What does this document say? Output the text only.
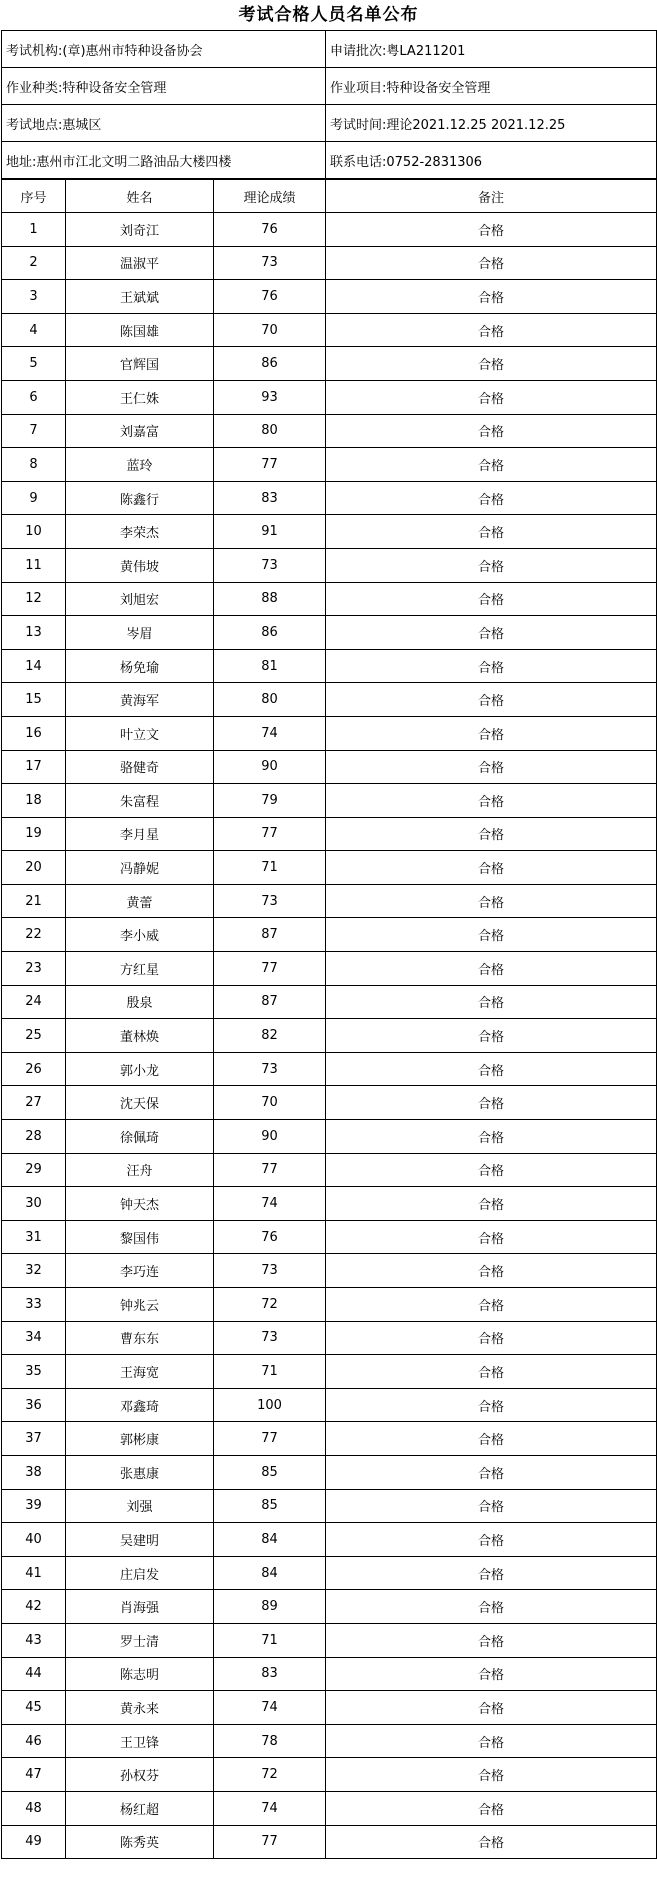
考试合格人员名单公布
考试机构:(章)惠州市特种设备协会	申请批次:粤LA211201
作业种类:特种设备安全管理	作业项目:特种设备安全管理
考试地点:惠城区	考试时间:理论2021.12.25 2021.12.25
地址:惠州市江北文明二路油品大楼四楼	联系电话:0752-2831306
序号	姓名	理论成绩	备注
1	刘奇江	76	合格
2	温淑平	73	合格
3	王斌斌	76	合格
4	陈国雄	70	合格
5	官辉国	86	合格
6	王仁姝	93	合格
7	刘嘉富	80	合格
8	蓝玲	77	合格
9	陈鑫行	83	合格
10	李荣杰	91	合格
11	黄伟坡	73	合格
12	刘旭宏	88	合格
13	岑眉	86	合格
14	杨免瑜	81	合格
15	黄海军	80	合格
16	叶立文	74	合格
17	骆健奇	90	合格
18	朱富程	79	合格
19	李月星	77	合格
20	冯静妮	71	合格
21	黄蕾	73	合格
22	李小威	87	合格
23	方红星	77	合格
24	殷泉	87	合格
25	董林焕	82	合格
26	郭小龙	73	合格
27	沈天保	70	合格
28	徐佩琦	90	合格
29	汪舟	77	合格
30	钟天杰	74	合格
31	黎国伟	76	合格
32	李巧连	73	合格
33	钟兆云	72	合格
34	曹东东	73	合格
35	王海宽	71	合格
36	邓鑫琦	100	合格
37	郭彬康	77	合格
38	张惠康	85	合格
39	刘强	85	合格
40	吴建明	84	合格
41	庄启发	84	合格
42	肖海强	89	合格
43	罗士清	71	合格
44	陈志明	83	合格
45	黄永来	74	合格
46	王卫锋	78	合格
47	孙权芬	72	合格
48	杨红超	74	合格
49	陈秀英	77	合格
